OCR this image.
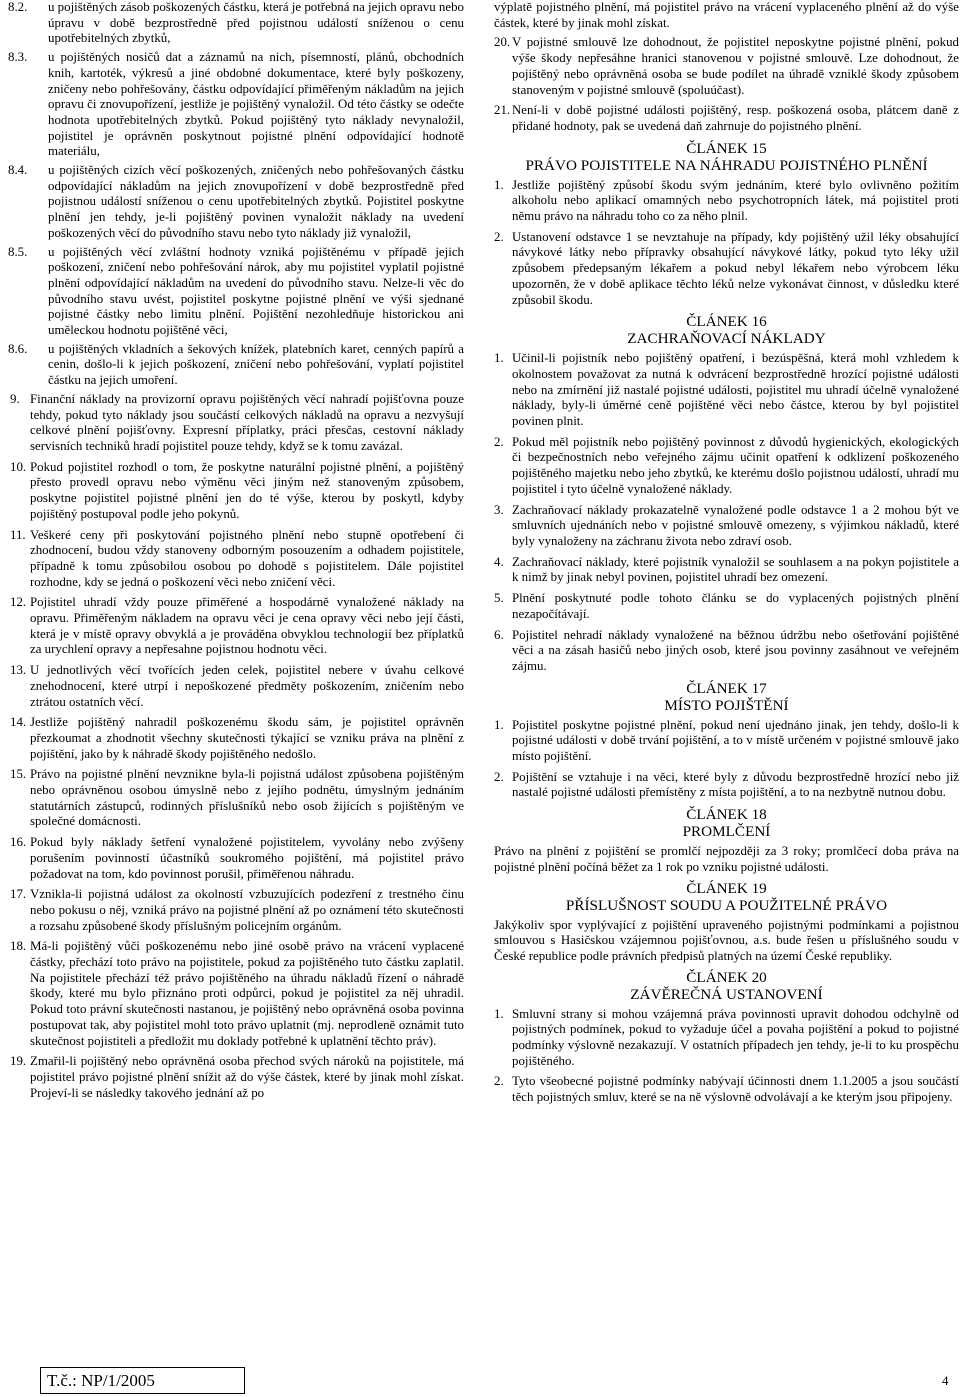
8.2.	u pojištěných zásob poškozených částku, která je potřebná na jejich opravu nebo úpravu v době bezprostředně před pojistnou událostí sníženou o cenu upotřebitelných zbytků,
8.3.	u pojištěných nosičů dat a záznamů na nich, písemností, plánů, obchodních knih, kartoték, výkresů a jiné obdobné dokumentace, které byly poškozeny, zničeny nebo pohřešovány, částku odpovídající přiměřeným nákladům na jejich opravu či znovupořízení, jestliže je pojištěný vynaložil. Od této částky se odečte hodnota upotřebitelných zbytků. Pokud pojištěný tyto náklady nevynaložil, pojistitel je oprávněn poskytnout pojistné plnění odpovídající hodnotě materiálu,
8.4.	u pojištěných cizích věcí poškozených, zničených nebo pohřešovaných částku odpovídající nákladům na jejich znovupořízení v době bezprostředně před pojistnou událostí sníženou o cenu upotřebitelných zbytků. Pojistitel poskytne plnění jen tehdy, je-li pojištěný povinen vynaložit náklady na uvedení poškozených věcí do původního stavu nebo tyto náklady již vynaložil,
8.5.	u pojištěných věcí zvláštní hodnoty vzniká pojištěnému v případě jejich poškození, zničení nebo pohřešování nárok, aby mu pojistitel vyplatil pojistné plnění odpovídající nákladům na uvedení do původního stavu. Nelze-li věc do původního stavu uvést, pojistitel poskytne pojistné plnění ve výši sjednané pojistné částky nebo limitu plnění. Pojištění nezohledňuje historickou ani uměleckou hodnotu pojištěné věci,
8.6.	u pojištěných vkladních a šekových knížek, platebních karet, cenných papírů a cenin, došlo-li k jejich poškození, zničení nebo pohřešování, vyplatí pojistitel částku na jejich umoření.
9. Finanční náklady na provizorní opravu pojištěných věcí nahradí pojišťovna pouze tehdy, pokud tyto náklady jsou součástí celkových nákladů na opravu a nezvyšují celkové plnění pojišťovny. Expresní příplatky, práci přesčas, cestovní náklady servisních techniků hradí pojistitel pouze tehdy, když se k tomu zavázal.
10. Pokud pojistitel rozhodl o tom, že poskytne naturální pojistné plnění, a pojištěný přesto provedl opravu nebo výměnu věci jiným než stanoveným způsobem, poskytne pojistitel pojistné plnění jen do té výše, kterou by poskytl, kdyby pojištěný postupoval podle jeho pokynů.
11. Veškeré ceny při poskytování pojistného plnění nebo stupně opotřebení či zhodnocení, budou vždy stanoveny odborným posouzením a odhadem pojistitele, případně k tomu způsobilou osobou po dohodě s pojistitelem. Dále pojistitel rozhodne, kdy se jedná o poškození věci nebo zničení věci.
12. Pojistitel uhradí vždy pouze přiměřené a hospodárně vynaložené náklady na opravu. Přiměřeným nákladem na opravu věci je cena opravy věci nebo její části, která je v místě opravy obvyklá a je prováděna obvyklou technologií bez příplatků za urychlení opravy a nepřesahne pojistnou hodnotu věci.
13. U jednotlivých věcí tvořících jeden celek, pojistitel nebere v úvahu celkové znehodnocení, které utrpí i nepoškozené předměty poškozením, zničením nebo ztrátou ostatních věcí.
14. Jestliže pojištěný nahradil poškozenému škodu sám, je pojistitel oprávněn přezkoumat a zhodnotit všechny skutečnosti týkající se vzniku práva na plnění z pojištění, jako by k náhradě škody pojištěného nedošlo.
15. Právo na pojistné plnění nevznikne byla-li pojistná událost způsobena pojištěným nebo oprávněnou osobou úmyslně nebo z jejího podnětu, úmyslným jednáním statutárních zástupců, rodinných příslušníků nebo osob žijících s pojištěným ve společné domácnosti.
16. Pokud byly náklady šetření vynaložené pojistitelem, vyvolány nebo zvýšeny porušením povinností účastníků soukromého pojištění, má pojistitel právo požadovat na tom, kdo povinnost porušil, přiměřenou náhradu.
17. Vznikla-li pojistná událost za okolností vzbuzujících podezření z trestného činu nebo pokusu o něj, vzniká právo na pojistné plnění až po oznámení této skutečnosti a rozsahu způsobené škody příslušným policejním orgánům.
18. Má-li pojištěný vůči poškozenému nebo jiné osobě právo na vrácení vyplacené částky, přechází toto právo na pojistitele, pokud za pojištěného tuto částku zaplatil. Na pojistitele přechází též právo pojištěného na úhradu nákladů řízení o náhradě škody, které mu bylo přiznáno proti odpůrci, pokud je pojistitel za něj uhradil. Pokud toto právní skutečnosti nastanou, je pojištěný nebo oprávněná osoba povinna postupovat tak, aby pojistitel mohl toto právo uplatnit (mj. neprodleně oznámit tuto skutečnost pojistiteli a předložit mu doklady potřebné k uplatnění těchto práv).
19. Zmařil-li pojištěný nebo oprávněná osoba přechod svých nároků na pojistitele, má pojistitel právo pojistné plnění snížit až do výše částek, které by jinak mohl získat. Projeví-li se následky takového jednání až po
výplatě pojistného plnění, má pojistitel právo na vrácení vyplaceného plnění až do výše částek, které by jinak mohl získat.
20. V pojistné smlouvě lze dohodnout, že pojistitel neposkytne pojistné plnění, pokud výše škody nepřesáhne hranici stanovenou v pojistné smlouvě. Lze dohodnout, že pojištěný nebo oprávněná osoba se bude podílet na úhradě vzniklé škody způsobem stanoveným v pojistné smlouvě (spoluúčast).
21. Není-li v době pojistné události pojištěný, resp. poškozená osoba, plátcem daně z přidané hodnoty, pak se uvedená daň zahrnuje do pojistného plnění.
ČLÁNEK 15
PRÁVO POJISTITELE NA NÁHRADU POJISTNÉHO PLNĚNÍ
1. Jestliže pojištěný způsobí škodu svým jednáním, které bylo ovlivněno požitím alkoholu nebo aplikací omamných nebo psychotropních látek, má pojistitel proti němu právo na náhradu toho co za něho plnil.
2. Ustanovení odstavce 1 se nevztahuje na případy, kdy pojištěný užil léky obsahující návykové látky nebo přípravky obsahující návykové látky, pokud tyto léky užil způsobem předepsaným lékařem a pokud nebyl lékařem nebo výrobcem léku upozorněn, že v době aplikace těchto léků nelze vykonávat činnost, v důsledku které způsobil škodu.
ČLÁNEK 16
ZACHRAŇOVACÍ NÁKLADY
1. Učinil-li pojistník nebo pojištěný opatření, i bezúspěšná, která mohl vzhledem k okolnostem považovat za nutná k odvrácení bezprostředně hrozící pojistné události nebo na zmírnění již nastalé pojistné události, pojistitel mu uhradí účelně vynaložené náklady, byly-li úměrné ceně pojištěné věci nebo částce, kterou by byl pojistitel povinen plnit.
2. Pokud měl pojistník nebo pojištěný povinnost z důvodů hygienických, ekologických či bezpečnostních nebo veřejného zájmu učinit opatření k odklizení poškozeného pojištěného majetku nebo jeho zbytků, ke kterému došlo pojistnou událostí, uhradí mu pojistitel i tyto účelně vynaložené náklady.
3. Zachraňovací náklady prokazatelně vynaložené podle odstavce 1 a 2 mohou být ve smluvních ujednáních nebo v pojistné smlouvě omezeny, s výjimkou nákladů, které byly vynaloženy na záchranu života nebo zdraví osob.
4. Zachraňovací náklady, které pojistník vynaložil se souhlasem a na pokyn pojistitele a k nimž by jinak nebyl povinen, pojistitel uhradí bez omezení.
5. Plnění poskytnuté podle tohoto článku se do vyplacených pojistných plnění nezapočítávají.
6. Pojistitel nehradí náklady vynaložené na běžnou údržbu nebo ošetřování pojištěné věci a na zásah hasičů nebo jiných osob, které jsou povinny zasáhnout ve veřejném zájmu.
ČLÁNEK 17
MÍSTO POJIŠTĚNÍ
1. Pojistitel poskytne pojistné plnění, pokud není ujednáno jinak, jen tehdy, došlo-li k pojistné události v době trvání pojištění, a to v místě určeném v pojistné smlouvě jako místo pojištění.
2. Pojištění se vztahuje i na věci, které byly z důvodu bezprostředně hrozící nebo již nastalé pojistné události přemístěny z místa pojištění, a to na nezbytně nutnou dobu.
ČLÁNEK 18
PROMLČENÍ
Právo na plnění z pojištění se promlčí nejpozději za 3 roky; promlčecí doba práva na pojistné plnění počíná běžet za 1 rok po vzniku pojistné události.
ČLÁNEK 19
PŘÍSLUŠNOST SOUDU A POUŽITELNÉ PRÁVO
Jakýkoliv spor vyplývající z pojištění upraveného pojistnými podmínkami a pojistnou smlouvou s Hasičskou vzájemnou pojišťovnou, a.s. bude řešen u příslušného soudu v České republice podle právních předpisů platných na území České republiky.
ČLÁNEK 20
ZÁVĚREČNÁ USTANOVENÍ
1. Smluvní strany si mohou vzájemná práva povinnosti upravit dohodou odchylně od pojistných podmínek, pokud to vyžaduje účel a povaha pojištění a pokud to pojistné podmínky výslovně nezakazují. V ostatních případech jen tehdy, je-li to ku prospěchu pojištěného.
2. Tyto všeobecné pojistné podmínky nabývají účinnosti dnem 1.1.2005 a jsou součástí těch pojistných smluv, které se na ně výslovně odvolávají a ke kterým jsou připojeny.
T.č.: NP/1/2005	4
